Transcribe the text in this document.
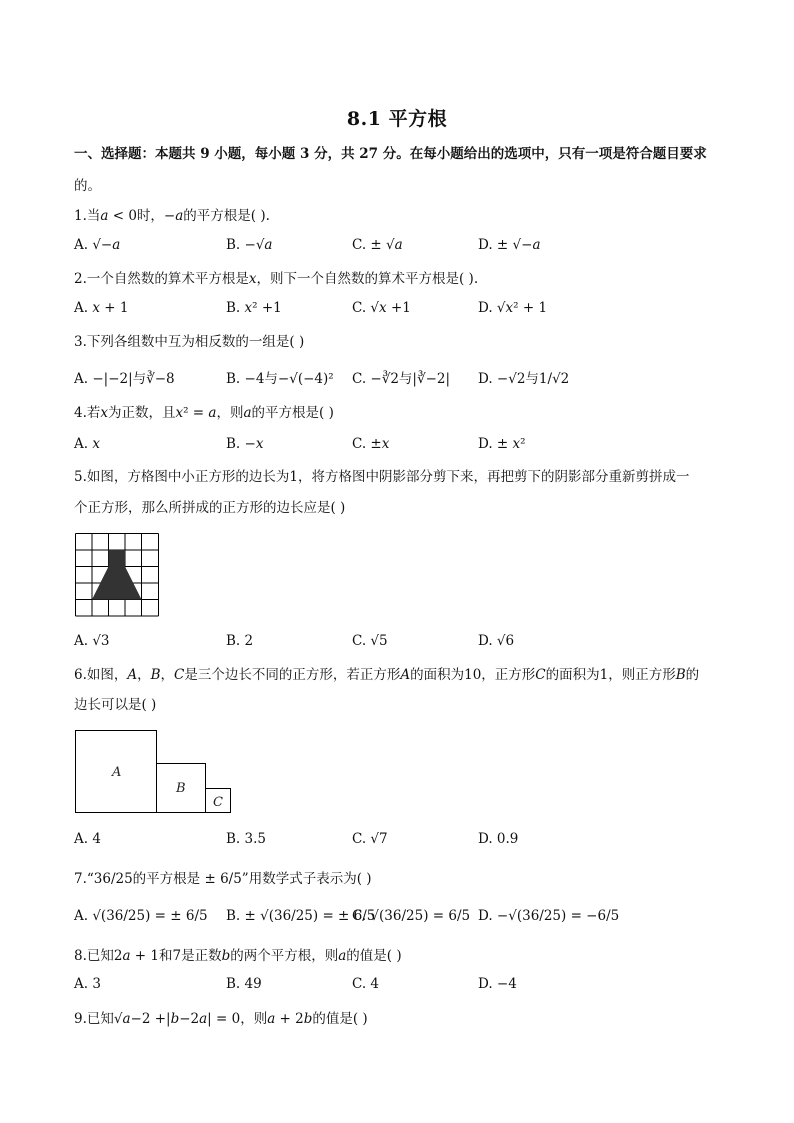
8.1 平方根
一、选择题：本题共 9 小题，每小题 3 分，共 27 分。在每小题给出的选项中，只有一项是符合题目要求
的。
1.当𝑎 < 0时，−𝑎的平方根是( ).
A. √−𝑎	B. −√𝑎	C. ± √𝑎	D. ± √−𝑎
2.一个自然数的算术平方根是𝑥，则下一个自然数的算术平方根是( ).
A. 𝑥 + 1	B. 𝑥² +1	C. √𝑥 +1	D. √𝑥² + 1
3.下列各组数中互为相反数的一组是( )
A. −|−2|与∛−8	B. −4与−√(−4)² C. −∛2与|∛−2| D. −√2与1/√2
4.若𝑥为正数，且𝑥² = 𝑎，则𝑎的平方根是( )
A. 𝑥	B. −𝑥	C. ±𝑥	D. ± 𝑥²
5.如图，方格图中小正方形的边长为1，将方格图中阴影部分剪下来，再把剪下的阴影部分重新剪拼成一
个正方形，那么所拼成的正方形的边长应是( )
A. √3	B. 2	C. √5	D. √6
6.如图，𝐴，𝐵，𝐶是三个边长不同的正方形，若正方形𝐴的面积为10，正方形𝐶的面积为1，则正方形𝐵的
边长可以是( )
A
B
C
A. 4	B. 3.5	C. √7	D. 0.9
7.“36/25的平方根是 ± 6/5”用数学式子表示为( )
A. √(36/25) = ± 6/5 B. ± √(36/25) = ± 6/5
C. √(36/25) = 6/5 D. −√(36/25) = −6/5
8.已知2𝑎 + 1和7是正数𝑏的两个平方根，则𝑎的值是( )
A. 3	B. 49	C. 4	D. −4
9.已知√𝑎−2 +|𝑏−2𝑎| = 0，则𝑎 + 2𝑏的值是( )
